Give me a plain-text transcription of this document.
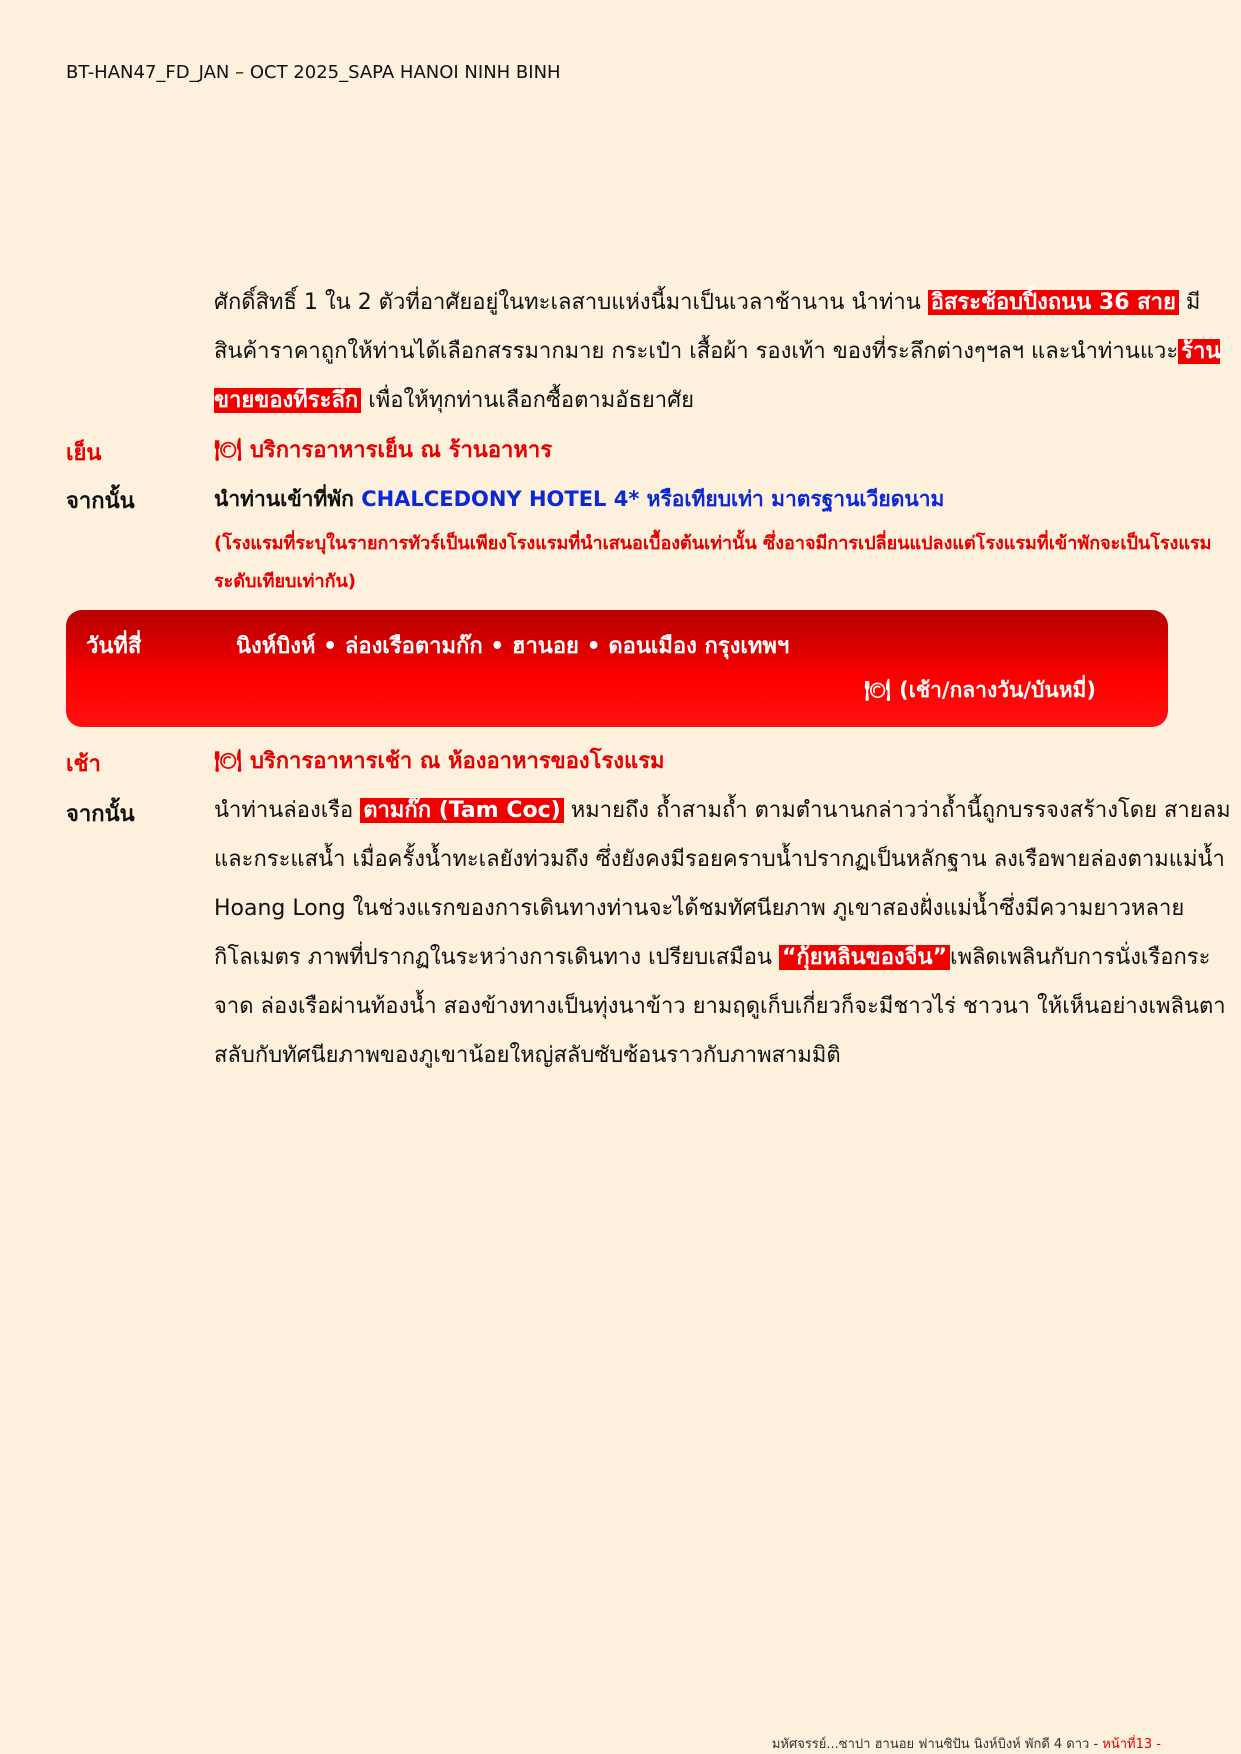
BT-HAN47_FD_JAN – OCT 2025_SAPA HANOI NINH BINH
ศักดิ์สิทธิ์ 1 ใน 2 ตัวที่อาศัยอยู่ในทะเลสาบแห่งนี้มาเป็นเวลาช้านาน นำท่าน อิสระช้อบปิ้งถนน 36 สาย มีสินค้าราคาถูกให้ท่านได้เลือกสรรมากมาย กระเป๋า เสื้อผ้า รองเท้า ของที่ระลึกต่างๆฯลฯ และนำท่านแวะ ร้านขายของที่ระลึก เพื่อให้ทุกท่านเลือกซื้อตามอัธยาศัย
เย็น	🍽 บริการอาหารเย็น ณ ร้านอาหาร
จากนั้น	นำท่านเข้าที่พัก CHALCEDONY HOTEL 4* หรือเทียบเท่า มาตรฐานเวียดนาม
(โรงแรมที่ระบุในรายการทัวร์เป็นเพียงโรงแรมที่นำเสนอเบื้องต้นเท่านั้น ซึ่งอาจมีการเปลี่ยนแปลงแต่โรงแรมที่เข้าพักจะเป็นโรงแรมระดับเทียบเท่ากัน)
วันที่สี่	นิงห์บิงห์ • ล่องเรือตามก๊ก • ฮานอย • ดอนเมือง กรุงเทพฯ
🍽 (เช้า/กลางวัน/บันหมี่)
เช้า	🍽 บริการอาหารเช้า ณ ห้องอาหารของโรงแรม
จากนั้น	นำท่านล่องเรือ ตามก๊ก (Tam Coc) หมายถึง ถ้ำสามถ้ำ ตามตำนานกล่าวว่าถ้ำนี้ถูกบรรจงสร้างโดย สายลมและกระแสน้ำ เมื่อครั้งน้ำทะเลยังท่วมถึง ซึ่งยังคงมีรอยคราบน้ำปรากฏเป็นหลักฐาน ลงเรือพายล่องตามแม่น้ำ Hoang Long ในช่วงแรกของการเดินทางท่านจะได้ชมทัศนียภาพ ภูเขาสองฝั่งแม่น้ำซึ่งมีความยาวหลายกิโลเมตร ภาพที่ปรากฏในระหว่างการเดินทาง เปรียบเสมือน “กุ้ยหลินของจีน” เพลิดเพลินกับการนั่งเรือกระจาด ล่องเรือผ่านท้องน้ำ สองข้างทางเป็นทุ่งนาข้าว ยามฤดูเก็บเกี่ยวก็จะมีชาวไร่ ชาวนา ให้เห็นอย่างเพลินตา สลับกับทัศนียภาพของภูเขาน้อยใหญ่สลับซับซ้อนราวกับภาพสามมิติ
มหัศจรรย์...ซาปา ฮานอย ฟานซิปัน นิงห์บิงห์ พักดี 4 ดาว - หน้าที่13 -
